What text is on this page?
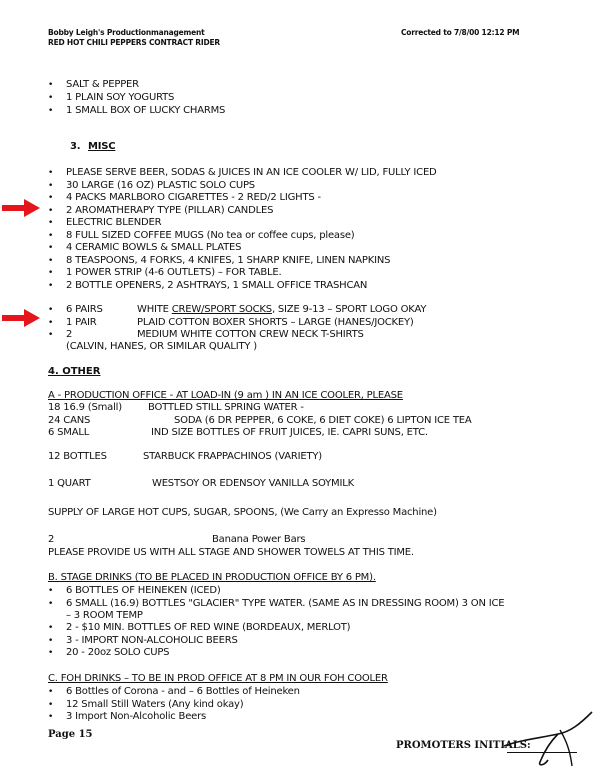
Bobby Leigh's Productionmanagement
RED HOT CHILI PEPPERS CONTRACT RIDER
Corrected to 7/8/00 12:12 PM
• SALT & PEPPER
• 1 PLAIN SOY YOGURTS
• 1 SMALL BOX OF LUCKY CHARMS
3. MISC
• PLEASE SERVE BEER, SODAS & JUICES IN AN ICE COOLER W/ LID, FULLY ICED
• 30 LARGE (16 OZ) PLASTIC SOLO CUPS
• 4 PACKS MARLBORO CIGARETTES - 2 RED/2 LIGHTS -
• 2 AROMATHERAPY TYPE (PILLAR) CANDLES
• ELECTRIC BLENDER
• 8 FULL SIZED COFFEE MUGS (No tea or coffee cups, please)
• 4 CERAMIC BOWLS & SMALL PLATES
• 8 TEASPOONS, 4 FORKS, 4 KNIFES, 1 SHARP KNIFE, LINEN NAPKINS
• 1 POWER STRIP (4-6 OUTLETS) – FOR TABLE.
• 2 BOTTLE OPENERS, 2 ASHTRAYS, 1 SMALL OFFICE TRASHCAN
• 6 PAIRS	WHITE CREW/SPORT SOCKS, SIZE 9-13 – SPORT LOGO OKAY
• 1 PAIR	PLAID COTTON BOXER SHORTS – LARGE (HANES/JOCKEY)
• 2	MEDIUM WHITE COTTON CREW NECK T-SHIRTS
(CALVIN, HANES, OR SIMILAR QUALITY )
4. OTHER
A - PRODUCTION OFFICE - AT LOAD-IN (9 am ) IN AN ICE COOLER, PLEASE
18 16.9 (Small)	BOTTLED STILL SPRING WATER -
24 CANS	SODA (6 DR PEPPER, 6 COKE, 6 DIET COKE) 6 LIPTON ICE TEA
6 SMALL	IND SIZE BOTTLES OF FRUIT JUICES, IE. CAPRI SUNS, ETC.
12 BOTTLES	STARBUCK FRAPPACHINOS (VARIETY)
1 QUART	WESTSOY OR EDENSOY VANILLA SOYMILK
SUPPLY OF LARGE HOT CUPS, SUGAR, SPOONS, (We Carry an Expresso Machine)
2	Banana Power Bars
PLEASE PROVIDE US WITH ALL STAGE AND SHOWER TOWELS AT THIS TIME.
B. STAGE DRINKS (TO BE PLACED IN PRODUCTION OFFICE BY 6 PM).
• 6 BOTTLES OF HEINEKEN (ICED)
• 6 SMALL (16.9) BOTTLES "GLACIER" TYPE WATER. (SAME AS IN DRESSING ROOM) 3 ON ICE
– 3 ROOM TEMP
• 2 - $10 MIN. BOTTLES OF RED WINE (BORDEAUX, MERLOT)
• 3 - IMPORT NON-ALCOHOLIC BEERS
• 20 - 20oz SOLO CUPS
C. FOH DRINKS – TO BE IN PROD OFFICE AT 8 PM IN OUR FOH COOLER
• 6 Bottles of Corona - and – 6 Bottles of Heineken
• 12 Small Still Waters (Any kind okay)
• 3 Import Non-Alcoholic Beers
Page 15
PROMOTERS INITIALS:
